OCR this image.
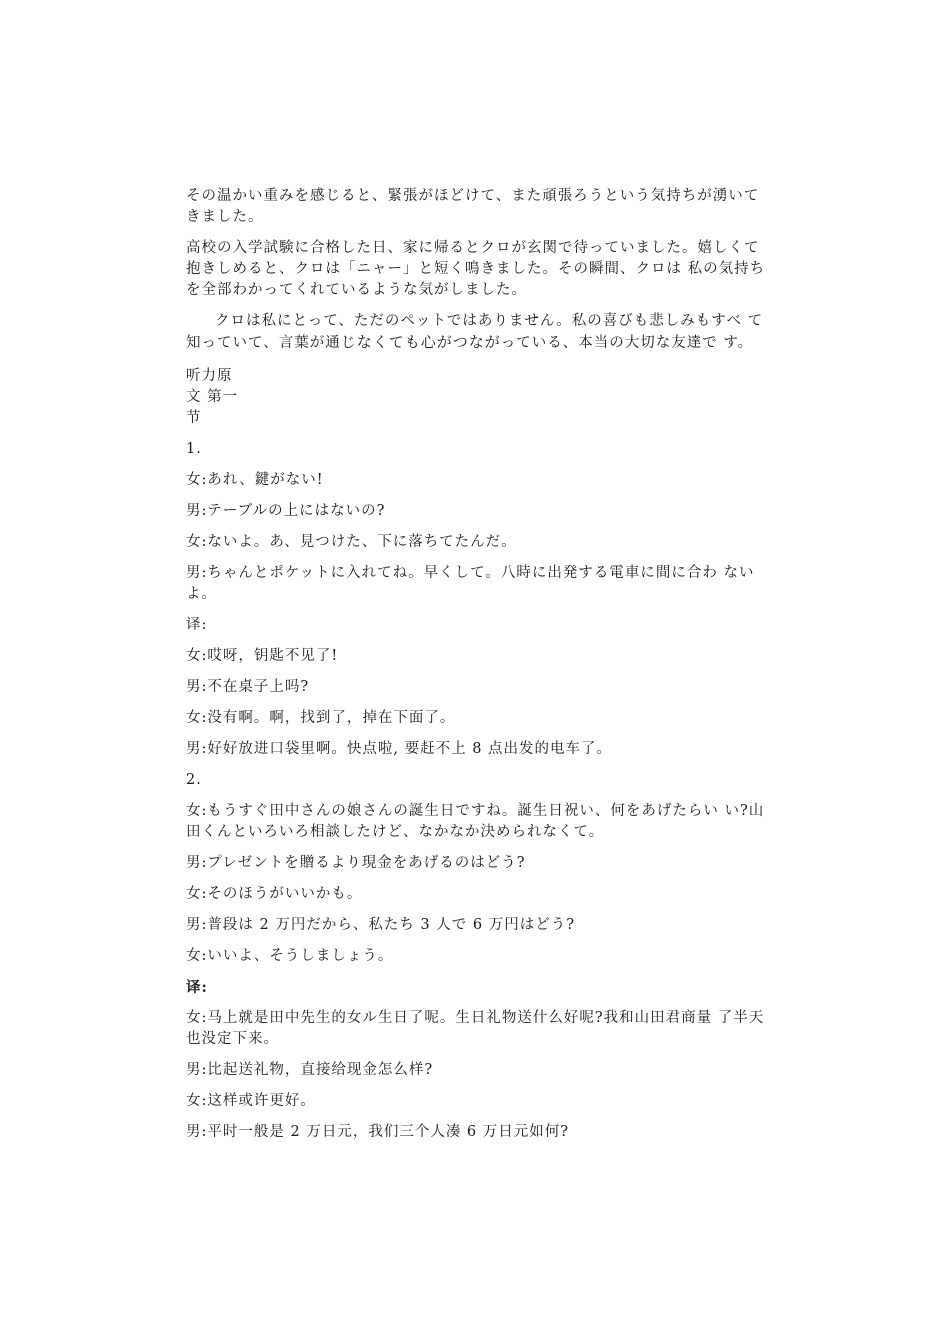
その温かい重みを感じると、緊張がほどけて、また頑張ろうという気持ちが湧いてきました。

高校の入学試験に合格した日、家に帰るとクロが玄関で待っていました。嬉しくて抱きしめると、クロは「ニャー」と短く鳴きました。その瞬間、クロは 私の気持ちを全部わかってくれているような気がしました。

クロは私にとって、ただのペットではありません。私の喜びも悲しみもすべ て知っていて、言葉が通じなくても心がつながっている、本当の大切な友達で す。

听力原文 第一节

1.

女:あれ、鍵がない!

男:テーブルの上にはないの?

女:ないよ。あ、見つけた、下に落ちてたんだ。

男:ちゃんとポケットに入れてね。早くして。八時に出発する電車に間に合わ ないよ。

译:

女:哎呀，钥匙不见了!

男:不在桌子上吗?

女:没有啊。啊，找到了，掉在下面了。

男:好好放进口袋里啊。快点啦, 要赶不上 8 点出发的电车了。

2.

女:もうすぐ田中さんの娘さんの誕生日ですね。誕生日祝い、何をあげたらい い?山田くんといろいろ相談したけど、なかなか決められなくて。

男:プレゼントを贈るより現金をあげるのはどう?

女:そのほうがいいかも。

男:普段は 2 万円だから、私たち 3 人で 6 万円はどう?

女:いいよ、そうしましょう。

译:

女:马上就是田中先生的女ル生日了呢。生日礼物送什么好呢?我和山田君商量 了半天也没定下来。

男:比起送礼物，直接给现金怎么样?

女:这样或许更好。

男:平时一般是 2 万日元，我们三个人凑 6 万日元如何?
